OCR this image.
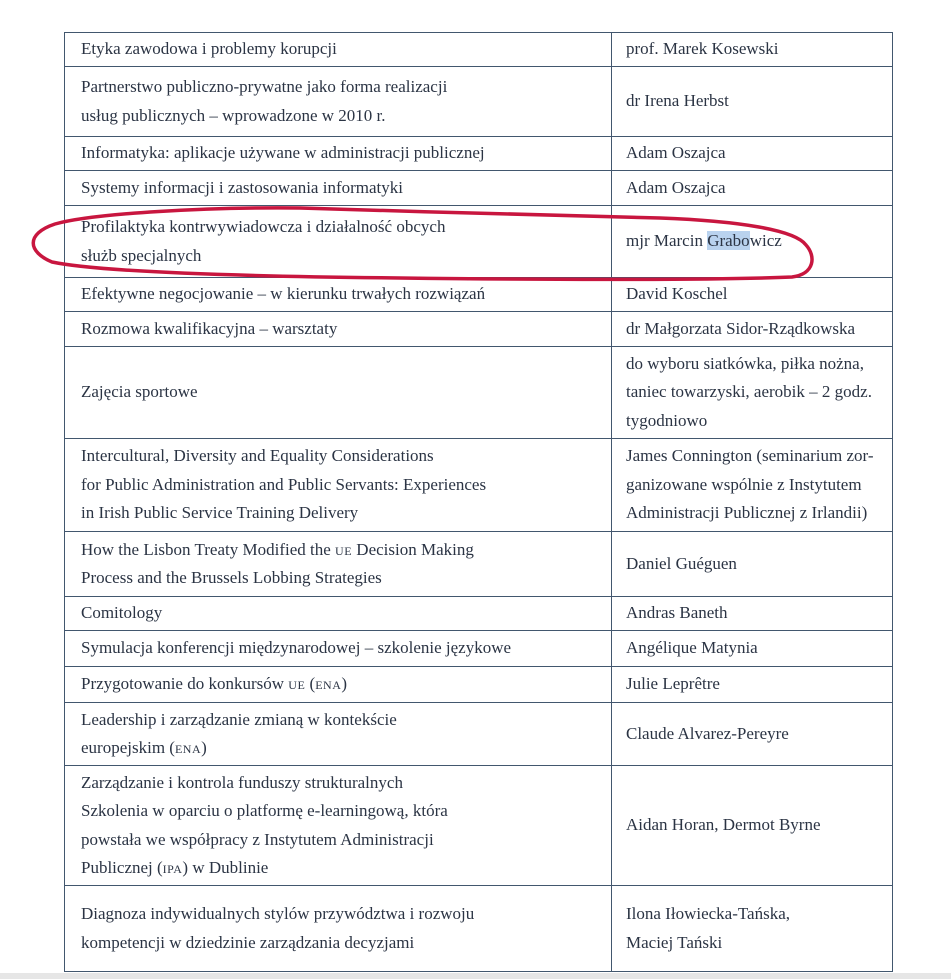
Etyka zawodowa i problemy korupcji	prof. Marek Kosewski

Partnerstwo publiczno-prywatne jako forma realizacji
usług publicznych – wprowadzone w 2010 r.	dr Irena Herbst

Informatyka: aplikacje używane w administracji publicznej	Adam Oszajca

Systemy informacji i zastosowania informatyki	Adam Oszajca

Profilaktyka kontrwywiadowcza i działalność obcych
służb specjalnych	mjr Marcin Grabowicz

Efektywne negocjowanie – w kierunku trwałych rozwiązań	David Koschel

Rozmowa kwalifikacyjna – warsztaty	dr Małgorzata Sidor-Rządkowska

Zajęcia sportowe	do wyboru siatkówka, piłka nożna,
taniec towarzyski, aerobik – 2 godz.
tygodniowo

Intercultural, Diversity and Equality Considerations
for Public Administration and Public Servants: Experiences
in Irish Public Service Training Delivery	James Connington (seminarium zor-
ganizowane wspólnie z Instytutem
Administracji Publicznej z Irlandii)

How the Lisbon Treaty Modified the ue Decision Making
Process and the Brussels Lobbing Strategies	Daniel Guéguen

Comitology	Andras Baneth

Symulacja konferencji międzynarodowej – szkolenie językowe	Angélique Matynia

Przygotowanie do konkursów ue (ena)	Julie Leprêtre

Leadership i zarządzanie zmianą w kontekście
europejskim (ena)	Claude Alvarez-Pereyre

Zarządzanie i kontrola funduszy strukturalnych
Szkolenia w oparciu o platformę e-learningową, która
powstała we współpracy z Instytutem Administracji
Publicznej (ipa) w Dublinie	Aidan Horan, Dermot Byrne

Diagnoza indywidualnych stylów przywództwa i rozwoju
kompetencji w dziedzinie zarządzania decyzjami	Ilona Iłowiecka-Tańska,
Maciej Tański
